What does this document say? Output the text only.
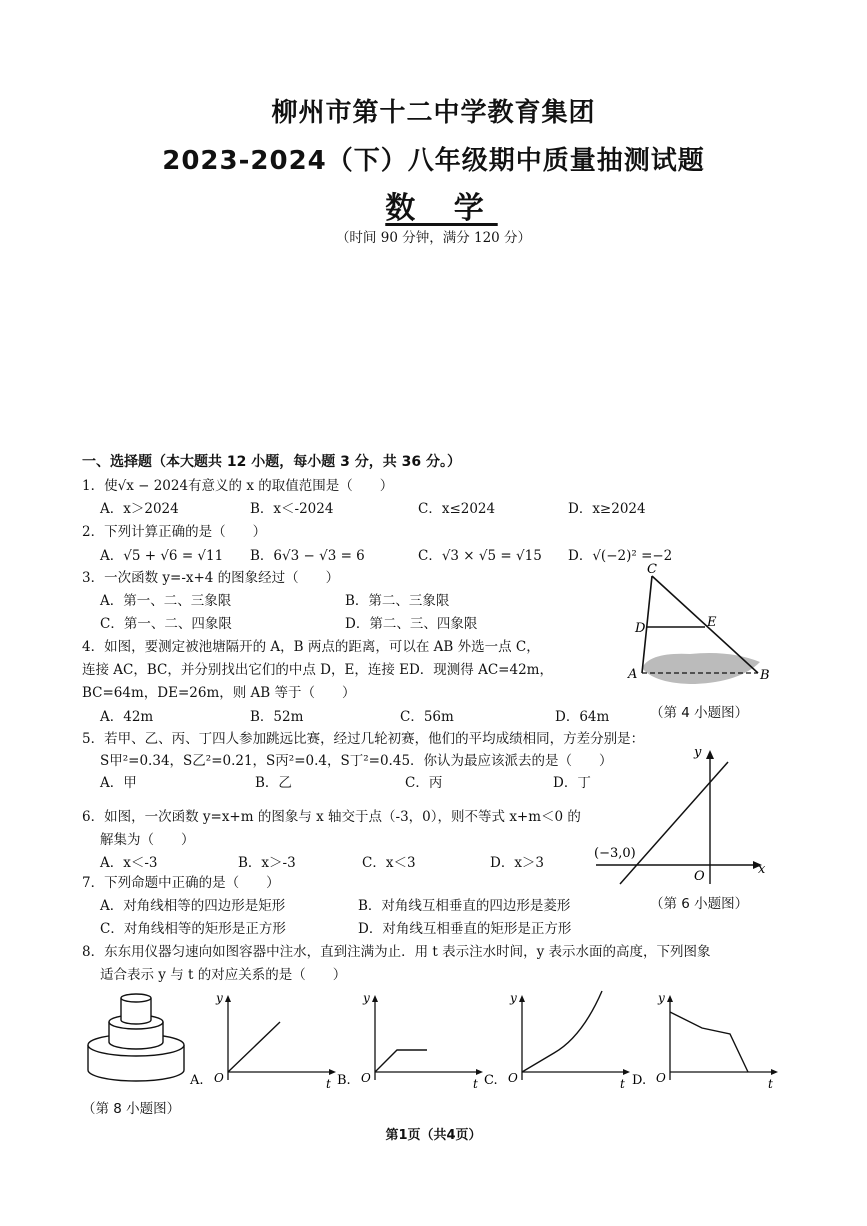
柳州市第十二中学教育集团
2023-2024（下）八年级期中质量抽测试题
数 学
（时间 90 分钟，满分 120 分）
一、选择题（本大题共 12 小题，每小题 3 分，共 36 分。）
1．使√x − 2024有意义的 x 的取值范围是（　　）
A．x＞2024	B．x＜-2024	C．x≤2024	D．x≥2024
2．下列计算正确的是（　　）
A．√5 + √6 = √11 B．6√3 − √3 = 6	C．√3 × √5 = √15 D．√(−2)² =−2
3．一次函数 y=-x+4 的图象经过（　　）
A．第一、二、三象限	B．第二、三象限
C．第一、二、四象限	D．第二、三、四象限
4．如图，要测定被池塘隔开的 A，B 两点的距离，可以在 AB 外选一点 C，
连接 AC，BC，并分别找出它们的中点 D，E，连接 ED．现测得 AC=42m，
BC=64m，DE=26m，则 AB 等于（　　）
A．42m	B．52m	C．56m	D．64m
C
D	E
A	B
（第 4 小题图）
5．若甲、乙、丙、丁四人参加跳远比赛，经过几轮初赛，他们的平均成绩相同，方差分别是：
S甲²=0.34，S乙²=0.21，S丙²=0.4，S丁²=0.45．你认为最应该派去的是（　　）
A．甲	B．乙	C．丙	D．丁
6．如图，一次函数 y=x+m 的图象与 x 轴交于点（-3，0），则不等式 x+m＜0 的
解集为（　　）
A．x＜-3	B．x＞-3	C．x＜3	D．x＞3
y
x
O
(−3,0)
（第 6 小题图）
7．下列命题中正确的是（　　）
A．对角线相等的四边形是矩形	B．对角线互相垂直的四边形是菱形
C．对角线相等的矩形是正方形	D．对角线互相垂直的矩形是正方形
8．东东用仪器匀速向如图容器中注水，直到注满为止．用 t 表示注水时间，y 表示水面的高度，下列图象
适合表示 y 与 t 的对应关系的是（　　）
（第 8 小题图）
y
O	t
A.
y
O	t
B.
y
O	t
C.
y
O	t
D.
第1页（共4页）
